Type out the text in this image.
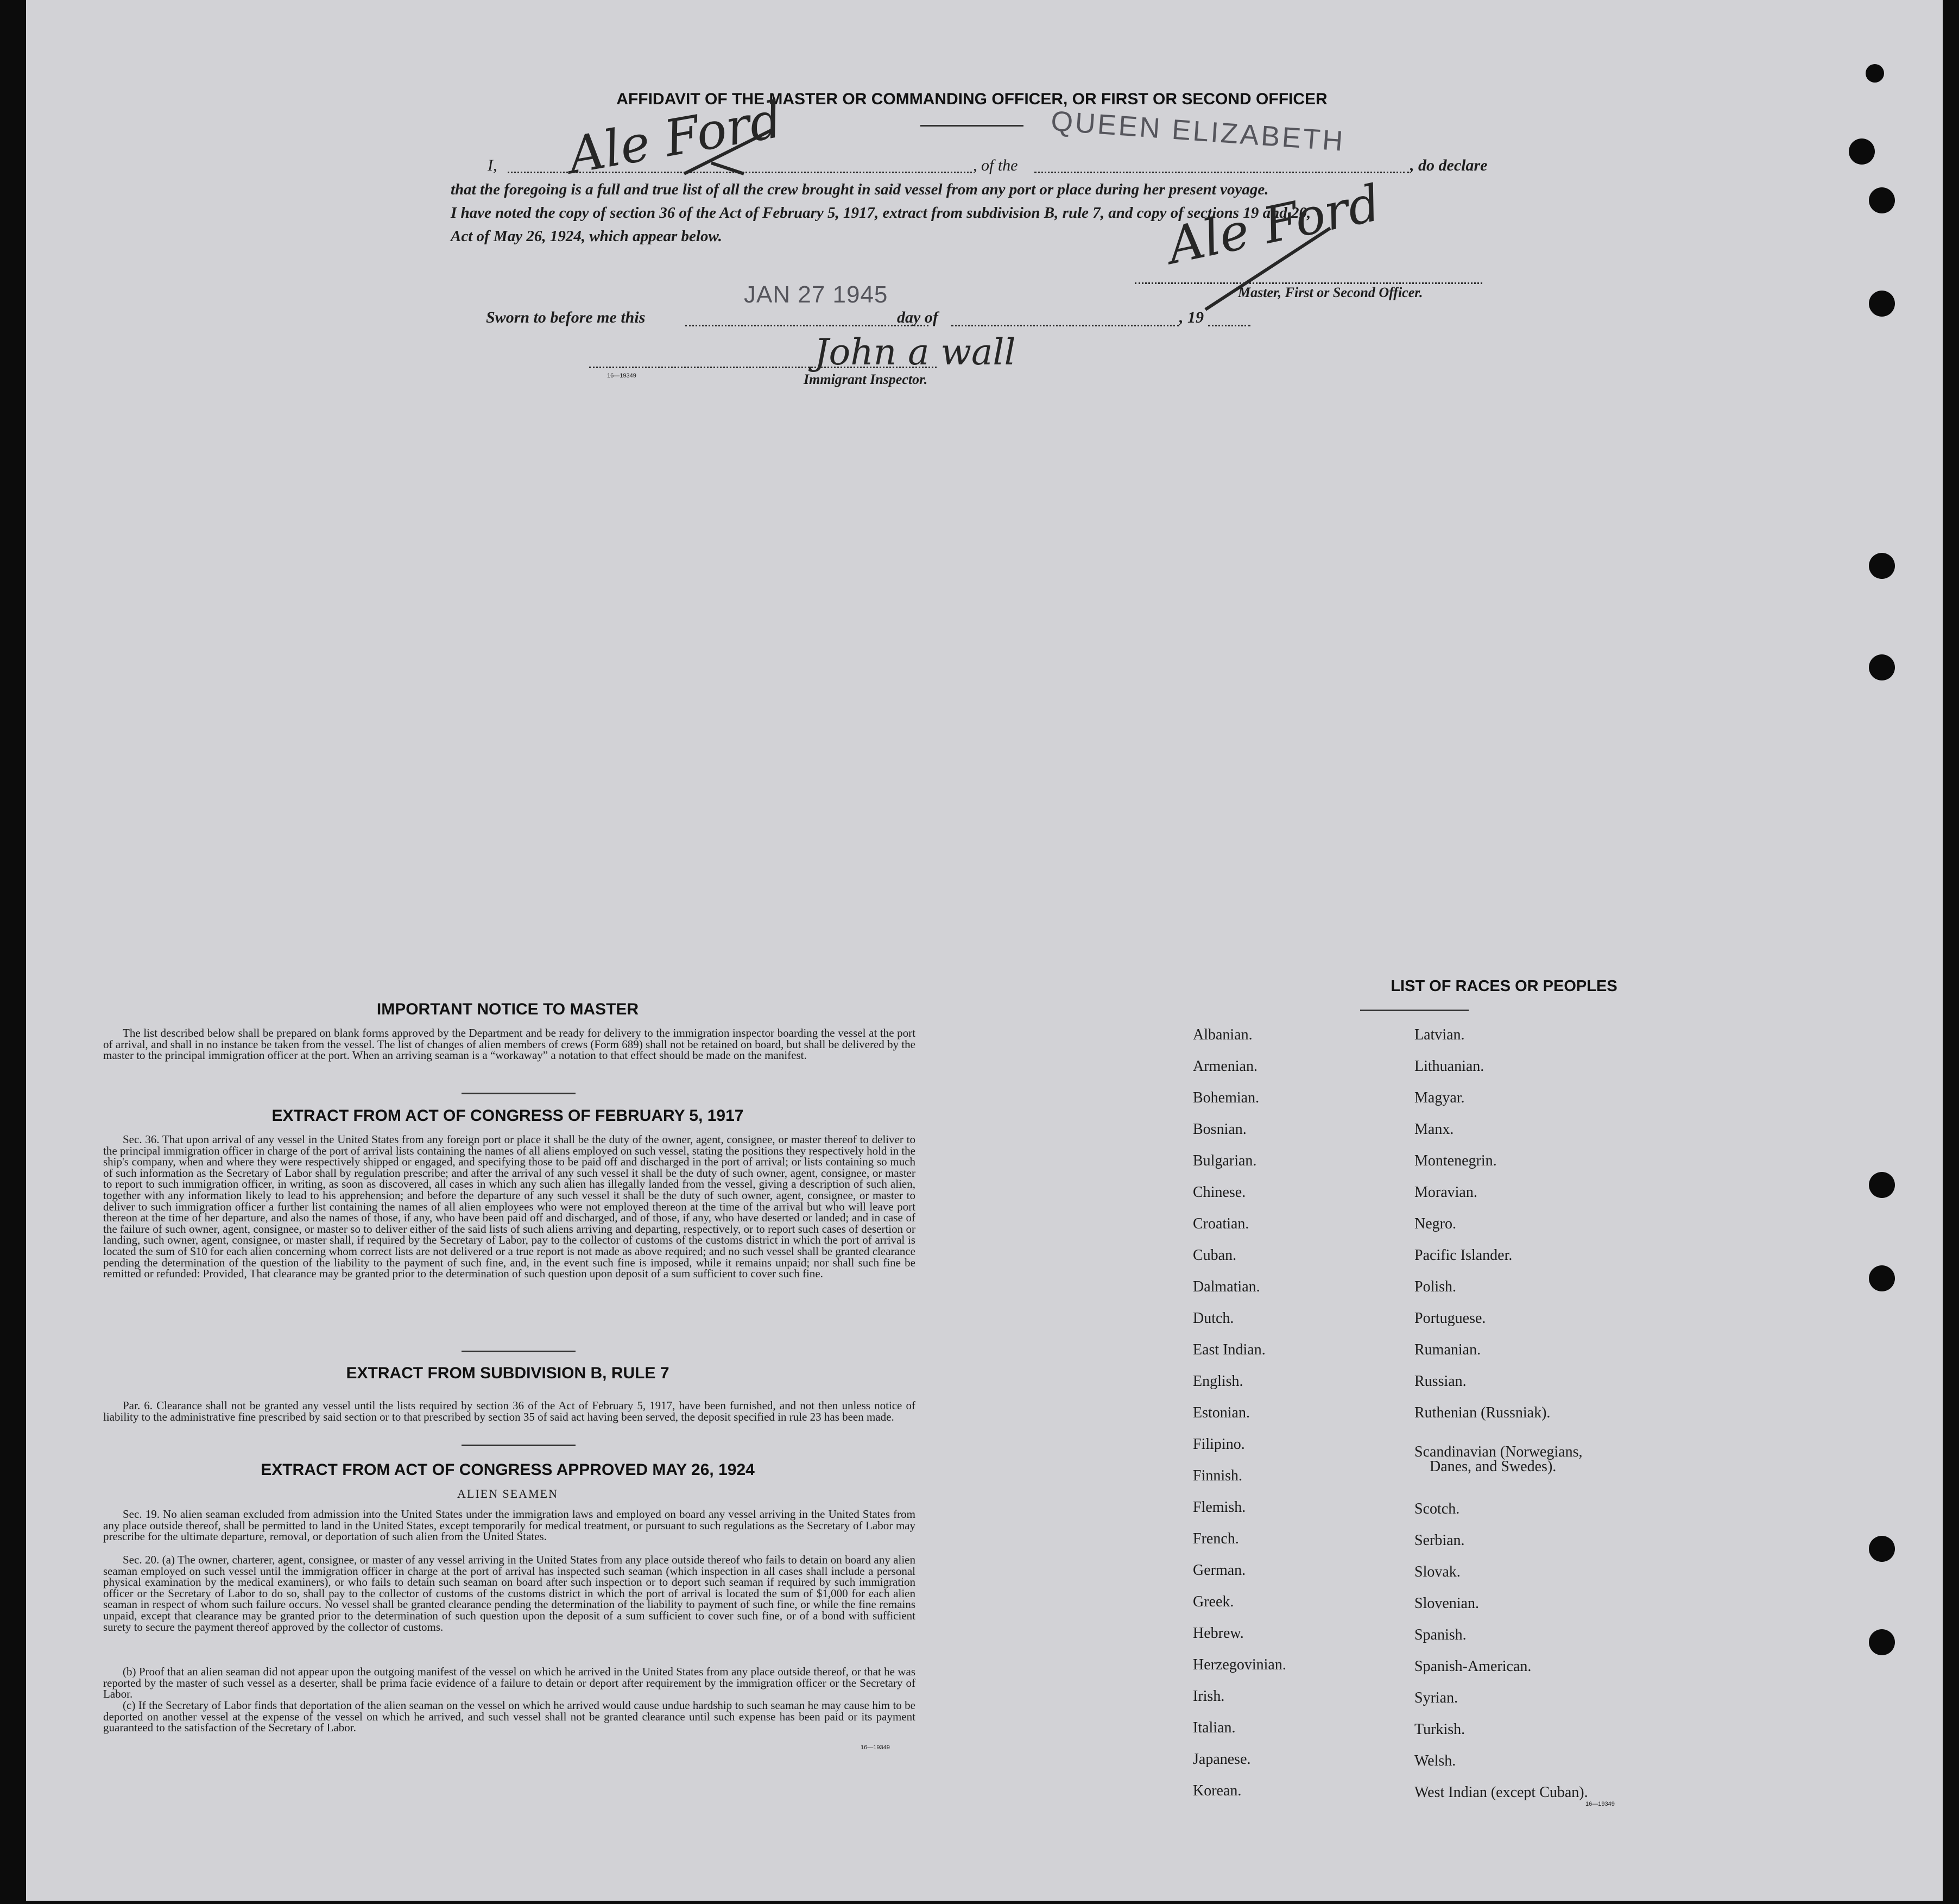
AFFIDAVIT OF THE MASTER OR COMMANDING OFFICER, OR FIRST OR SECOND OFFICER
QUEEN ELIZABETH
I,	, of the	, do declare
that the foregoing is a full and true list of all the crew brought in said vessel from any port or place during her present voyage.
I have noted the copy of section 36 of the Act of February 5, 1917, extract from subdivision B, rule 7, and copy of sections 19 and 20,
Act of May 26, 1924, which appear below.
Ale Ford
Ale Ford
Master, First or Second Officer.
Sworn to before me this
JAN 27 1945
day of	, 19
John a wall
Immigrant Inspector.
16—19349
IMPORTANT NOTICE TO MASTER
The list described below shall be prepared on blank forms approved by the Department and be ready for delivery to the immigration inspector boarding the vessel at the port of arrival, and shall in no instance be taken from the vessel. The list of changes of alien members of crews (Form 689) shall not be retained on board, but shall be delivered by the master to the principal immigration officer at the port. When an arriving seaman is a “workaway” a notation to that effect should be made on the manifest.
EXTRACT FROM ACT OF CONGRESS OF FEBRUARY 5, 1917
Sec. 36. That upon arrival of any vessel in the United States from any foreign port or place it shall be the duty of the owner, agent, consignee, or master thereof to deliver to the principal immigration officer in charge of the port of arrival lists containing the names of all aliens employed on such vessel, stating the positions they respectively hold in the ship's company, when and where they were respectively shipped or engaged, and specifying those to be paid off and discharged in the port of arrival; or lists containing so much of such information as the Secretary of Labor shall by regulation prescribe; and after the arrival of any such vessel it shall be the duty of such owner, agent, consignee, or master to report to such immigration officer, in writing, as soon as discovered, all cases in which any such alien has illegally landed from the vessel, giving a description of such alien, together with any information likely to lead to his apprehension; and before the departure of any such vessel it shall be the duty of such owner, agent, consignee, or master to deliver to such immigration officer a further list containing the names of all alien employees who were not employed thereon at the time of the arrival but who will leave port thereon at the time of her departure, and also the names of those, if any, who have been paid off and discharged, and of those, if any, who have deserted or landed; and in case of the failure of such owner, agent, consignee, or master so to deliver either of the said lists of such aliens arriving and departing, respectively, or to report such cases of desertion or landing, such owner, agent, consignee, or master shall, if required by the Secretary of Labor, pay to the collector of customs of the customs district in which the port of arrival is located the sum of $10 for each alien concerning whom correct lists are not delivered or a true report is not made as above required; and no such vessel shall be granted clearance pending the determination of the question of the liability to the payment of such fine, and, in the event such fine is imposed, while it remains unpaid; nor shall such fine be remitted or refunded: Provided, That clearance may be granted prior to the determination of such question upon deposit of a sum sufficient to cover such fine.
EXTRACT FROM SUBDIVISION B, RULE 7
Par. 6. Clearance shall not be granted any vessel until the lists required by section 36 of the Act of February 5, 1917, have been furnished, and not then unless notice of liability to the administrative fine prescribed by said section or to that prescribed by section 35 of said act having been served, the deposit specified in rule 23 has been made.
EXTRACT FROM ACT OF CONGRESS APPROVED MAY 26, 1924
ALIEN SEAMEN
Sec. 19. No alien seaman excluded from admission into the United States under the immigration laws and employed on board any vessel arriving in the United States from any place outside thereof, shall be permitted to land in the United States, except temporarily for medical treatment, or pursuant to such regulations as the Secretary of Labor may prescribe for the ultimate departure, removal, or deportation of such alien from the United States.
Sec. 20. (a) The owner, charterer, agent, consignee, or master of any vessel arriving in the United States from any place outside thereof who fails to detain on board any alien seaman employed on such vessel until the immigration officer in charge at the port of arrival has inspected such seaman (which inspection in all cases shall include a personal physical examination by the medical examiners), or who fails to detain such seaman on board after such inspection or to deport such seaman if required by such immigration officer or the Secretary of Labor to do so, shall pay to the collector of customs of the customs district in which the port of arrival is located the sum of $1,000 for each alien seaman in respect of whom such failure occurs. No vessel shall be granted clearance pending the determination of the liability to payment of such fine, or while the fine remains unpaid, except that clearance may be granted prior to the determination of such question upon the deposit of a sum sufficient to cover such fine, or of a bond with sufficient surety to secure the payment thereof approved by the collector of customs.
(b) Proof that an alien seaman did not appear upon the outgoing manifest of the vessel on which he arrived in the United States from any place outside thereof, or that he was reported by the master of such vessel as a deserter, shall be prima facie evidence of a failure to detain or deport after requirement by the immigration officer or the Secretary of Labor.
(c) If the Secretary of Labor finds that deportation of the alien seaman on the vessel on which he arrived would cause undue hardship to such seaman he may cause him to be deported on another vessel at the expense of the vessel on which he arrived, and such vessel shall not be granted clearance until such expense has been paid or its payment guaranteed to the satisfaction of the Secretary of Labor.
16—19349
LIST OF RACES OR PEOPLES
Albanian.
Armenian.
Bohemian.
Bosnian.
Bulgarian.
Chinese.
Croatian.
Cuban.
Dalmatian.
Dutch.
East Indian.
English.
Estonian.
Filipino.
Finnish.
Flemish.
French.
German.
Greek.
Hebrew.
Herzegovinian.
Irish.
Italian.
Japanese.
Korean.
Latvian.
Lithuanian.
Magyar.
Manx.
Montenegrin.
Moravian.
Negro.
Pacific Islander.
Polish.
Portuguese.
Rumanian.
Russian.
Ruthenian (Russniak).
Scandinavian (Norwegians,
Danes, and Swedes).
Scotch.
Serbian.
Slovak.
Slovenian.
Spanish.
Spanish-American.
Syrian.
Turkish.
Welsh.
West Indian (except Cuban).
16—19349
